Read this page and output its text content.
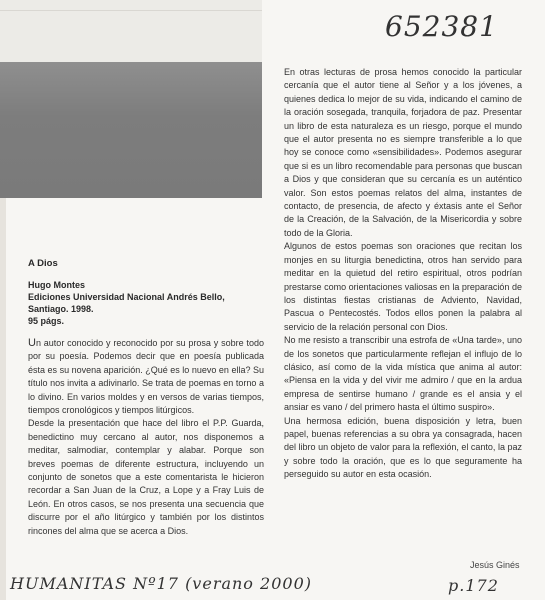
652381

A Dios

Hugo Montes

Ediciones Universidad Nacional Andrés Bello, Santiago. 1998.

95 págs.

Un autor conocido y reconocido por su prosa y sobre todo por su poesía. Podemos decir que en poesía publicada ésta es su novena aparición. ¿Qué es lo nuevo en ella? Su título nos invita a adivinarlo. Se trata de poemas en torno a lo divino. En varios moldes y en versos de varias tiempos, tiempos cronológicos y tiempos litúrgicos.

Desde la presentación que hace del libro el P.P. Guarda, benedictino muy cercano al autor, nos disponemos a meditar, salmodiar, contemplar y alabar. Porque son breves poemas de diferente estructura, incluyendo un conjunto de sonetos que a este comentarista le hicieron recordar a San Juan de la Cruz, a Lope y a Fray Luis de León. En otros casos, se nos presenta una secuencia que discurre por el año litúrgico y también por los distintos rincones del alma que se acerca a Dios.

En otras lecturas de prosa hemos conocido la particular cercanía que el autor tiene al Señor y a los jóvenes, a quienes dedica lo mejor de su vida, indicando el camino de la oración sosegada, tranquila, forjadora de paz. Presentar un libro de esta naturaleza es un riesgo, porque el mundo que el autor presenta no es siempre transferible a lo que hoy se conoce como «sensibilidades». Podemos asegurar que si es un libro recomendable para personas que buscan a Dios y que consideran que su cercanía es un auténtico valor. Son estos poemas relatos del alma, instantes de contacto, de presencia, de afecto y éxtasis ante el Señor de la Creación, de la Salvación, de la Misericordia y sobre todo de la Gloria.

Algunos de estos poemas son oraciones que recitan los monjes en su liturgia benedictina, otros han servido para meditar en la quietud del retiro espiritual, otros podrían prestarse como orientaciones valiosas en la preparación de los distintas fiestas cristianas de Adviento, Navidad, Pascua o Pentecostés. Todos ellos ponen la palabra al servicio de la relación personal con Dios.

No me resisto a transcribir una estrofa de «Una tarde», uno de los sonetos que particularmente reflejan el influjo de lo clásico, así como de la vida mística que anima al autor: «Piensa en la vida y del vivir me admiro / que en la ardua empresa de sentirse humano / grande es el ansia y el ansiar es vano / del primero hasta el último suspiro».

Una hermosa edición, buena disposición y letra, buen papel, buenas referencias a su obra ya consagrada, hacen del libro un objeto de valor para la reflexión, el canto, la paz y sobre todo la oración, que es lo que seguramente ha perseguido su autor en esta ocasión.

Jesús Ginés
HUMANITAS Nº17 (verano 2000)	p.172
